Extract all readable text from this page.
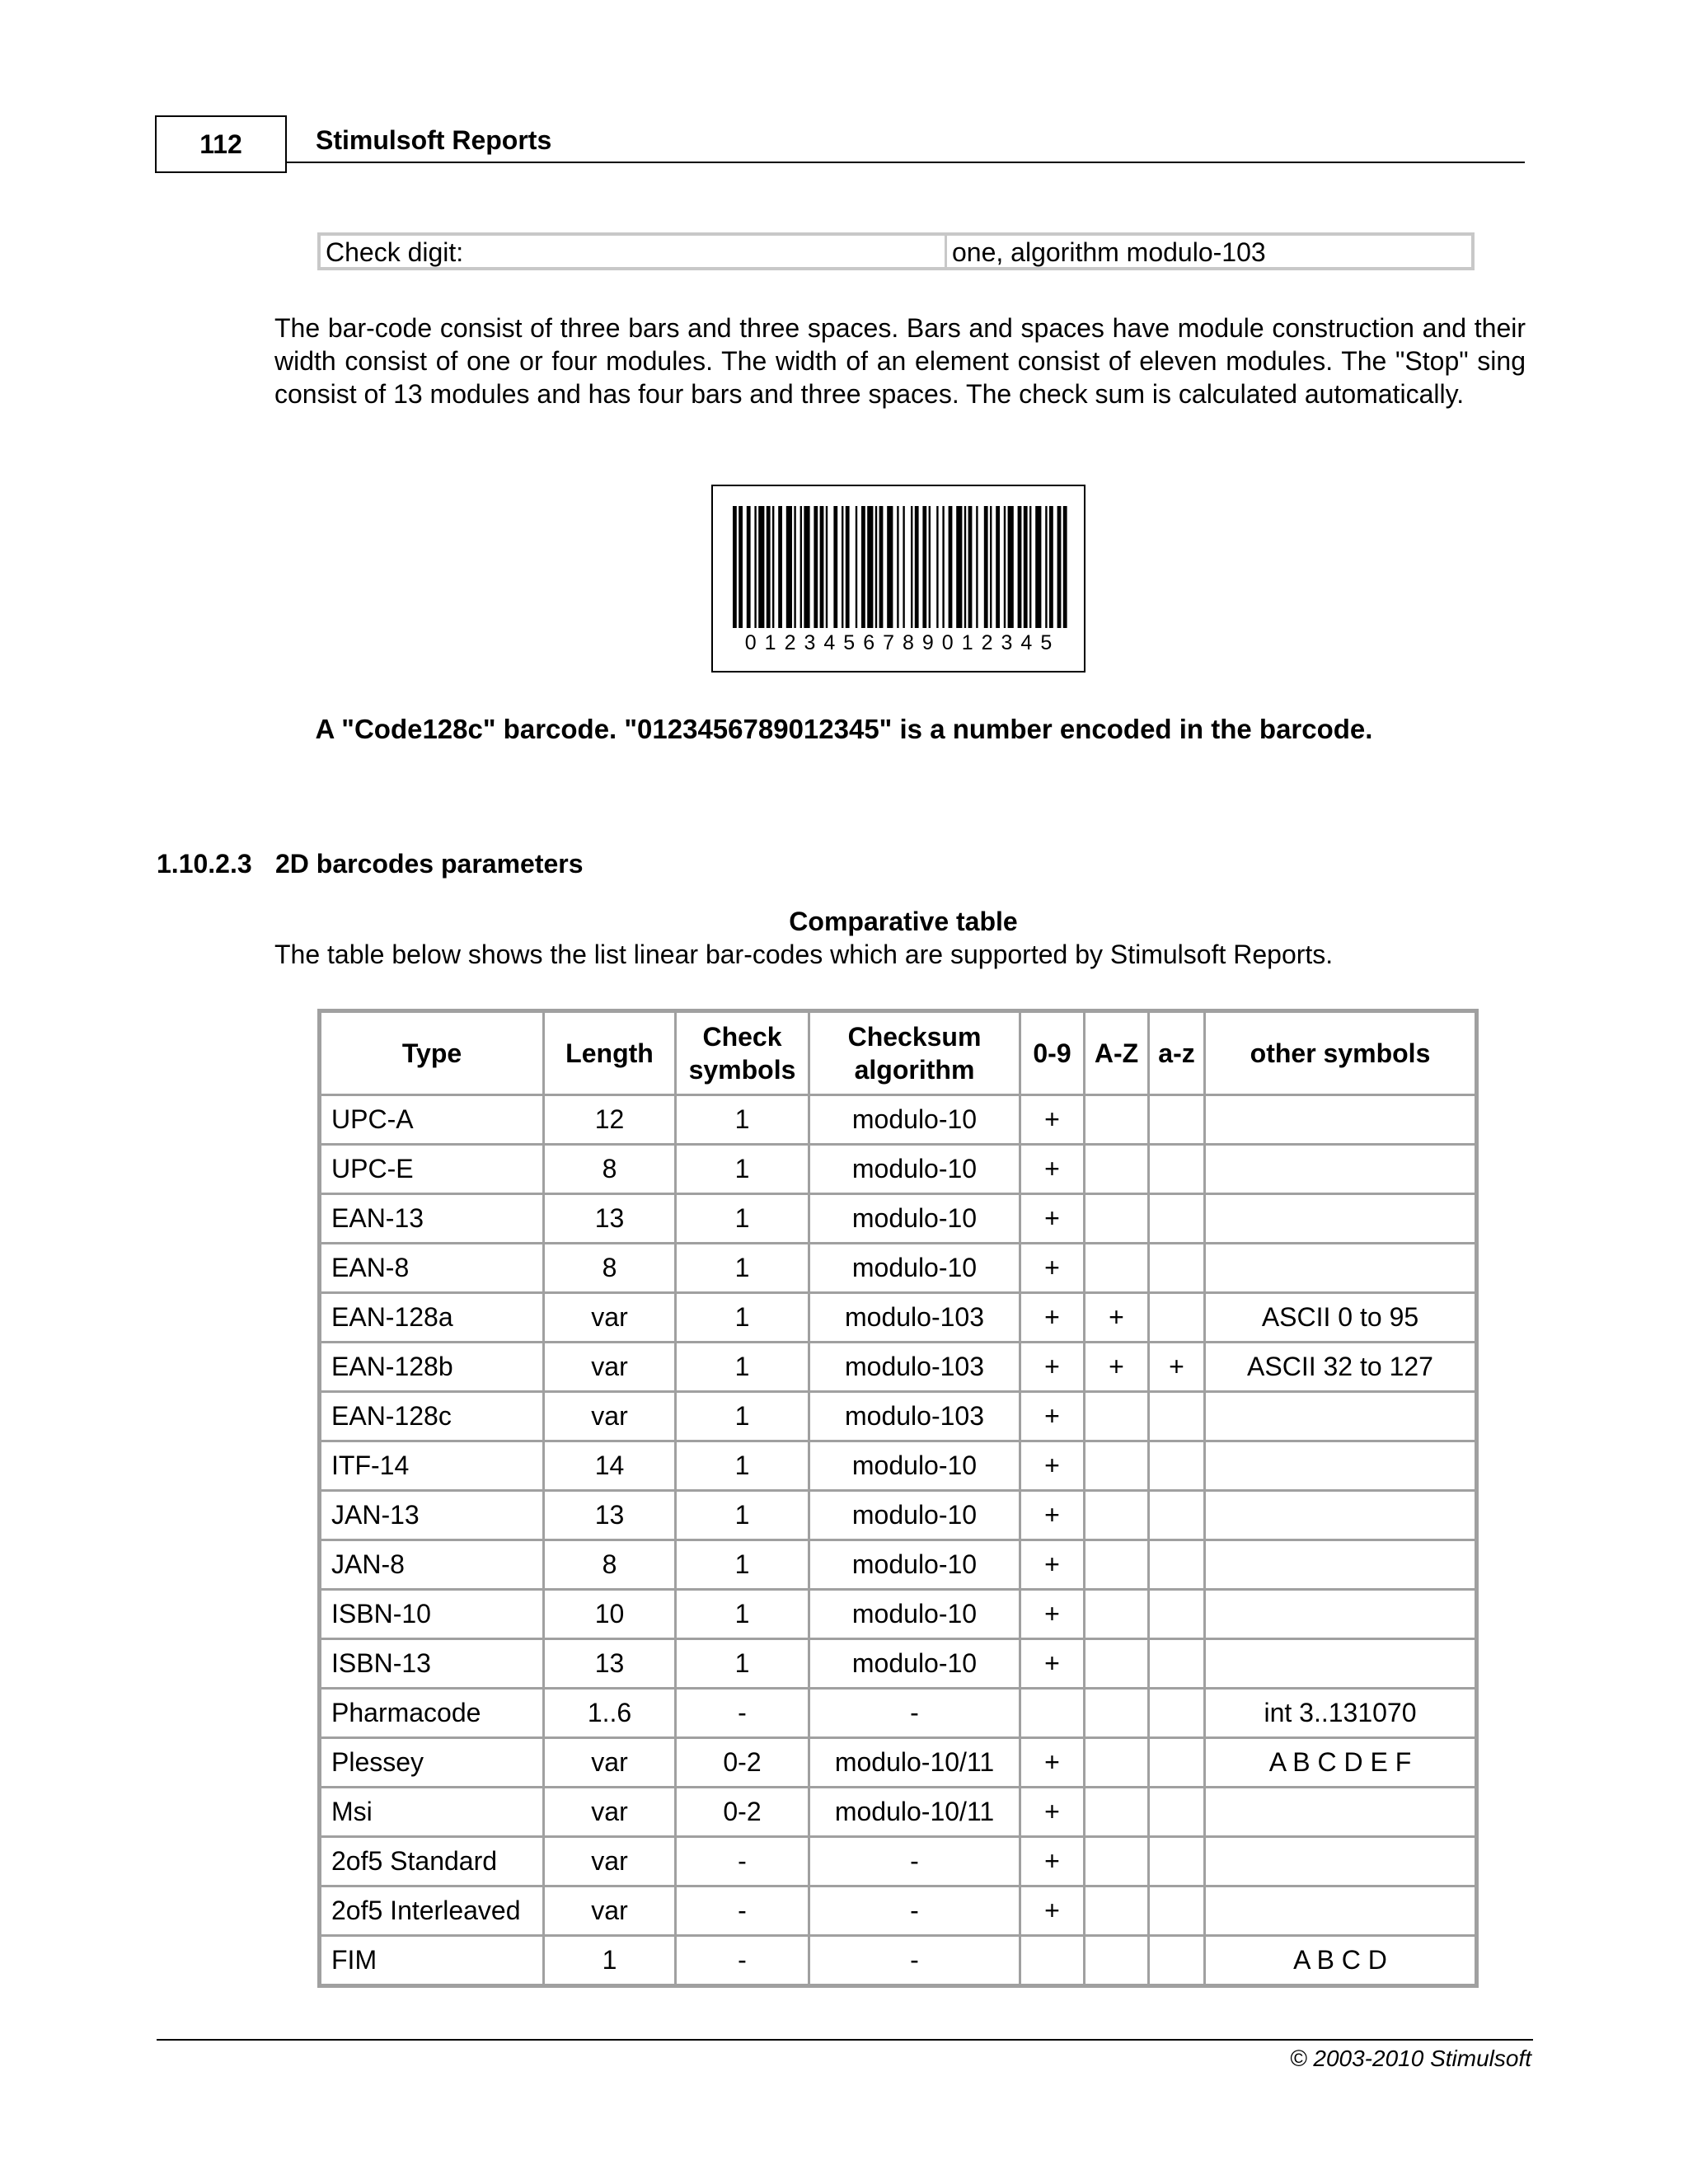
112	Stimulsoft Reports
Check digit:	one, algorithm modulo-103

The bar-code consist of three bars and three spaces. Bars and spaces have module construction and their width consist of one or four modules. The width of an element consist of eleven modules. The "Stop" sing consist of 13 modules and has four bars and three spaces. The check sum is calculated automatically.

0123456789012345
A "Code128c" barcode. "0123456789012345" is a number encoded in the barcode.
1.10.2.3 2D barcodes parameters
Comparative table
The table below shows the list linear bar-codes which are supported by Stimulsoft Reports.
Type	Length	Check symbols	Checksum algorithm	0-9	A-Z	a-z	other symbols
UPC-A	12	1	modulo-10	+			
UPC-E	8	1	modulo-10	+			
EAN-13	13	1	modulo-10	+			
EAN-8	8	1	modulo-10	+			
EAN-128a	var	1	modulo-103	+	+		ASCII 0 to 95
EAN-128b	var	1	modulo-103	+	+	+	ASCII 32 to 127
EAN-128c	var	1	modulo-103	+			
ITF-14	14	1	modulo-10	+			
JAN-13	13	1	modulo-10	+			
JAN-8	8	1	modulo-10	+			
ISBN-10	10	1	modulo-10	+			
ISBN-13	13	1	modulo-10	+			
Pharmacode	1..6	-	-				int 3..131070
Plessey	var	0-2	modulo-10/11	+			A B C D E F
Msi	var	0-2	modulo-10/11	+			
2of5 Standard	var	-	-	+			
2of5 Interleaved	var	-	-	+			
FIM	1	-	-				A B C D
© 2003-2010 Stimulsoft
